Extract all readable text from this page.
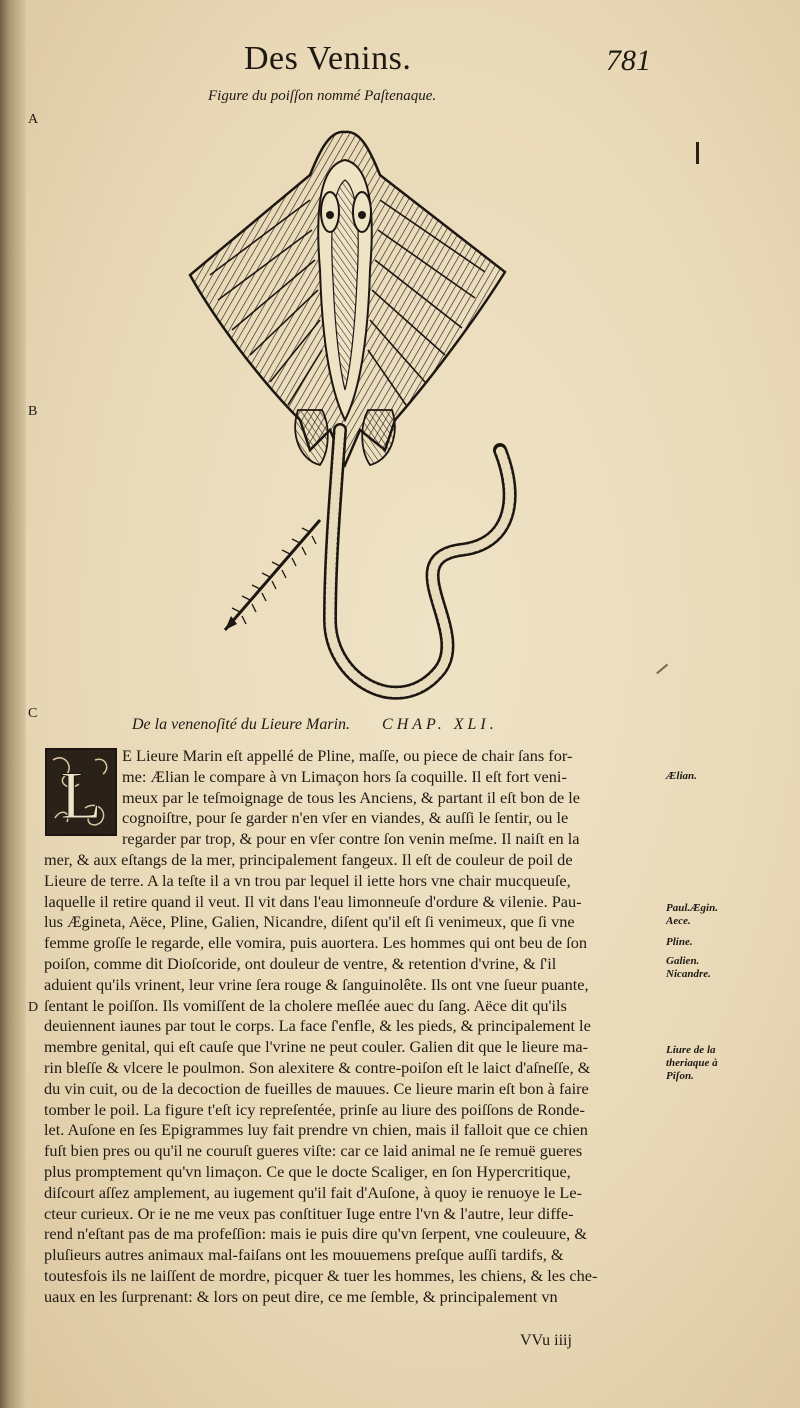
Des Venins.	781
Figure du poiſſon nommé Paſtenaque.
A
B
C
D
De la venenoſité du Lieure Marin. CHAP. XLI.
L
E Lieure Marin eſt appellé de Pline, maſſe, ou piece de chair ſans for-
me: Ælian le compare à vn Limaçon hors ſa coquille. Il eſt fort veni-
meux par le teſmoignage de tous les Anciens, & partant il eſt bon de le
cognoiſtre, pour ſe garder n'en vſer en viandes, & auſſi le ſentir, ou le
regarder par trop, & pour en vſer contre ſon venin meſme. Il naiſt en la
mer, & aux eſtangs de la mer, principalement fangeux. Il eſt de couleur de poil de
Lieure de terre. A la teſte il a vn trou par lequel il iette hors vne chair mucqueuſe,
laquelle il retire quand il veut. Il vit dans l'eau limonneuſe d'ordure & vilenie. Pau-
lus Ægineta, Aëce, Pline, Galien, Nicandre, diſent qu'il eſt ſi venimeux, que ſi vne
femme groſſe le regarde, elle vomira, puis auortera. Les hommes qui ont beu de ſon
poiſon, comme dit Dioſcoride, ont douleur de ventre, & retention d'vrine, & ſ'il
aduient qu'ils vrinent, leur vrine ſera rouge & ſanguinolête. Ils ont vne ſueur puante,
ſentant le poiſſon. Ils vomiſſent de la cholere meſlée auec du ſang. Aëce dit qu'ils
deuiennent iaunes par tout le corps. La face ſ'enfle, & les pieds, & principalement le
membre genital, qui eſt cauſe que l'vrine ne peut couler. Galien dit que le lieure ma-
rin bleſſe & vlcere le poulmon. Son alexitere & contre-poiſon eſt le laict d'aſneſſe, &
du vin cuit, ou de la decoction de fueilles de mauues. Ce lieure marin eſt bon à faire
tomber le poil. La figure t'eſt icy repreſentée, prinſe au liure des poiſſons de Ronde-
let. Auſone en ſes Epigrammes luy fait prendre vn chien, mais il falloit que ce chien
fuſt bien pres ou qu'il ne couruſt gueres viſte: car ce laid animal ne ſe remuë gueres
plus promptement qu'vn limaçon. Ce que le docte Scaliger, en ſon Hypercritique,
diſcourt aſſez amplement, au iugement qu'il fait d'Auſone, à quoy ie renuoye le Le-
cteur curieux. Or ie ne me veux pas conſtituer Iuge entre l'vn & l'autre, leur diffe-
rend n'eſtant pas de ma profeſſion: mais ie puis dire qu'vn ſerpent, vne couleuure, &
pluſieurs autres animaux mal-faiſans ont les mouuemens preſque auſſi tardifs, &
toutesfois ils ne laiſſent de mordre, picquer & tuer les hommes, les chiens, & les che-
uaux en les ſurprenant: & lors on peut dire, ce me ſemble, & principalement vn
Ælian.
Paul.Ægin.
Aece.
Pline.
Galien.
Nicandre.
Liure de la
theriaque à
Piſon.
VVu iiij
